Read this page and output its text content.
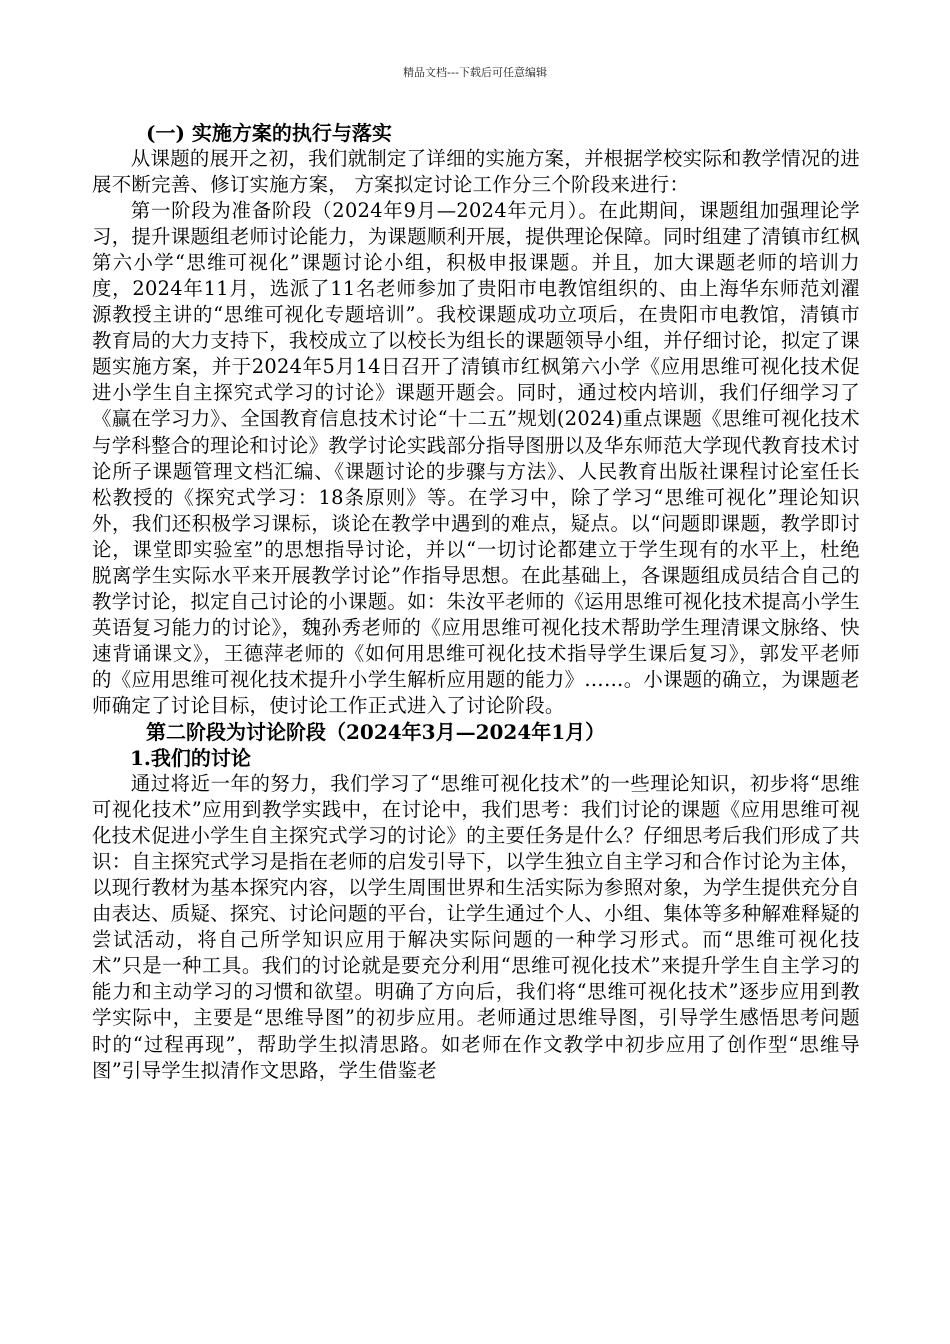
精品文档---下载后可任意编辑

(一) 实施方案的执行与落实

从课题的展开之初，我们就制定了详细的实施方案，并根据学校实际和教学情况的进展不断完善、修订实施方案， 方案拟定讨论工作分三个阶段来进行：

第一阶段为准备阶段（2024年9月—2024年元月）。在此期间，课题组加强理论学习，提升课题组老师讨论能力，为课题顺利开展，提供理论保障。同时组建了清镇市红枫第六小学“思维可视化”课题讨论小组，积极申报课题。并且，加大课题老师的培训力度，2024年11月，选派了11名老师参加了贵阳市电教馆组织的、由上海华东师范刘濯源教授主讲的“思维可视化专题培训”。我校课题成功立项后，在贵阳市电教馆，清镇市教育局的大力支持下，我校成立了以校长为组长的课题领导小组，并仔细讨论，拟定了课题实施方案，并于2024年5月14日召开了清镇市红枫第六小学《应用思维可视化技术促进小学生自主探究式学习的讨论》课题开题会。同时，通过校内培训，我们仔细学习了《赢在学习力》、全国教育信息技术讨论“十二五”规划(2024)重点课题《思维可视化技术与学科整合的理论和讨论》教学讨论实践部分指导图册以及华东师范大学现代教育技术讨论所子课题管理文档汇编、《课题讨论的步骤与方法》、人民教育出版社课程讨论室任长松教授的《探究式学习：18条原则》等。在学习中，除了学习“思维可视化”理论知识外，我们还积极学习课标，谈论在教学中遇到的难点，疑点。以“问题即课题，教学即讨论，课堂即实验室”的思想指导讨论，并以“一切讨论都建立于学生现有的水平上，杜绝脱离学生实际水平来开展教学讨论”作指导思想。在此基础上，各课题组成员结合自己的教学讨论，拟定自己讨论的小课题。如：朱汝平老师的《运用思维可视化技术提高小学生英语复习能力的讨论》，魏孙秀老师的《应用思维可视化技术帮助学生理清课文脉络、快速背诵课文》，王德萍老师的《如何用思维可视化技术指导学生课后复习》，郭发平老师的《应用思维可视化技术提升小学生解析应用题的能力》……。小课题的确立，为课题老师确定了讨论目标，使讨论工作正式进入了讨论阶段。

第二阶段为讨论阶段（2024年3月—2024年1月）

1.我们的讨论

通过将近一年的努力，我们学习了“思维可视化技术”的一些理论知识，初步将“思维可视化技术”应用到教学实践中，在讨论中，我们思考：我们讨论的课题《应用思维可视化技术促进小学生自主探究式学习的讨论》的主要任务是什么？仔细思考后我们形成了共识：自主探究式学习是指在老师的启发引导下，以学生独立自主学习和合作讨论为主体，以现行教材为基本探究内容，以学生周围世界和生活实际为参照对象，为学生提供充分自由表达、质疑、探究、讨论问题的平台，让学生通过个人、小组、集体等多种解难释疑的尝试活动，将自己所学知识应用于解决实际问题的一种学习形式。而“思维可视化技术”只是一种工具。我们的讨论就是要充分利用“思维可视化技术”来提升学生自主学习的能力和主动学习的习惯和欲望。明确了方向后，我们将“思维可视化技术”逐步应用到教学实际中，主要是“思维导图”的初步应用。老师通过思维导图，引导学生感悟思考问题时的“过程再现”，帮助学生拟清思路。如老师在作文教学中初步应用了创作型“思维导图”引导学生拟清作文思路，学生借鉴老
